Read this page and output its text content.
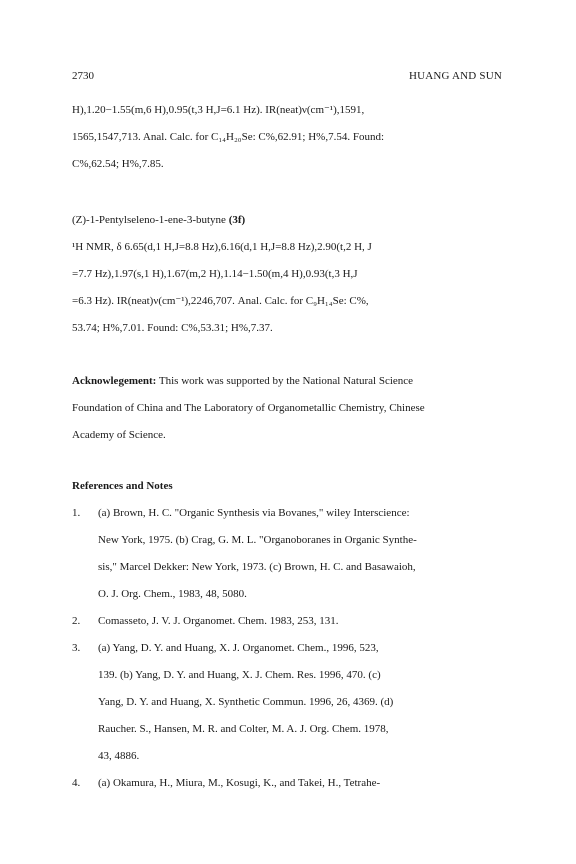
2730	HUANG AND SUN
H),1.20−1.55(m,6 H),0.95(t,3 H,J=6.1 Hz). IR(neat)ν(cm⁻¹),1591,
1565,1547,713. Anal. Calc. for C₁₄H₂₀Se: C%,62.91; H%,7.54. Found:
C%,62.54; H%,7.85.
(Z)-1-Pentylseleno-1-ene-3-butyne (3f)
¹H NMR, δ 6.65(d,1 H,J=8.8 Hz),6.16(d,1 H,J=8.8 Hz),2.90(t,2 H, J
=7.7 Hz),1.97(s,1 H),1.67(m,2 H),1.14−1.50(m,4 H),0.93(t,3 H,J
=6.3 Hz). IR(neat)ν(cm⁻¹),2246,707. Anal. Calc. for C₉H₁₄Se: C%,
53.74; H%,7.01. Found: C%,53.31; H%,7.37.
Acknowlegement: This work was supported by the National Natural Science
Foundation of China and The Laboratory of Organometallic Chemistry, Chinese
Academy of Science.
References and Notes
1. (a) Brown, H. C. "Organic Synthesis via Bovanes," wiley Interscience:
New York, 1975. (b) Crag, G. M. L. "Organoboranes in Organic Synthe-
sis," Marcel Dekker: New York, 1973. (c) Brown, H. C. and Basawaioh,
O. J. Org. Chem., 1983, 48, 5080.
2. Comasseto, J. V. J. Organomet. Chem. 1983, 253, 131.
3. (a) Yang, D. Y. and Huang, X. J. Organomet. Chem., 1996, 523,
139. (b) Yang, D. Y. and Huang, X. J. Chem. Res. 1996, 470. (c)
Yang, D. Y. and Huang, X. Synthetic Commun. 1996, 26, 4369. (d)
Raucher. S., Hansen, M. R. and Colter, M. A. J. Org. Chem. 1978,
43, 4886.
4. (a) Okamura, H., Miura, M., Kosugi, K., and Takei, H., Tetrahe-
